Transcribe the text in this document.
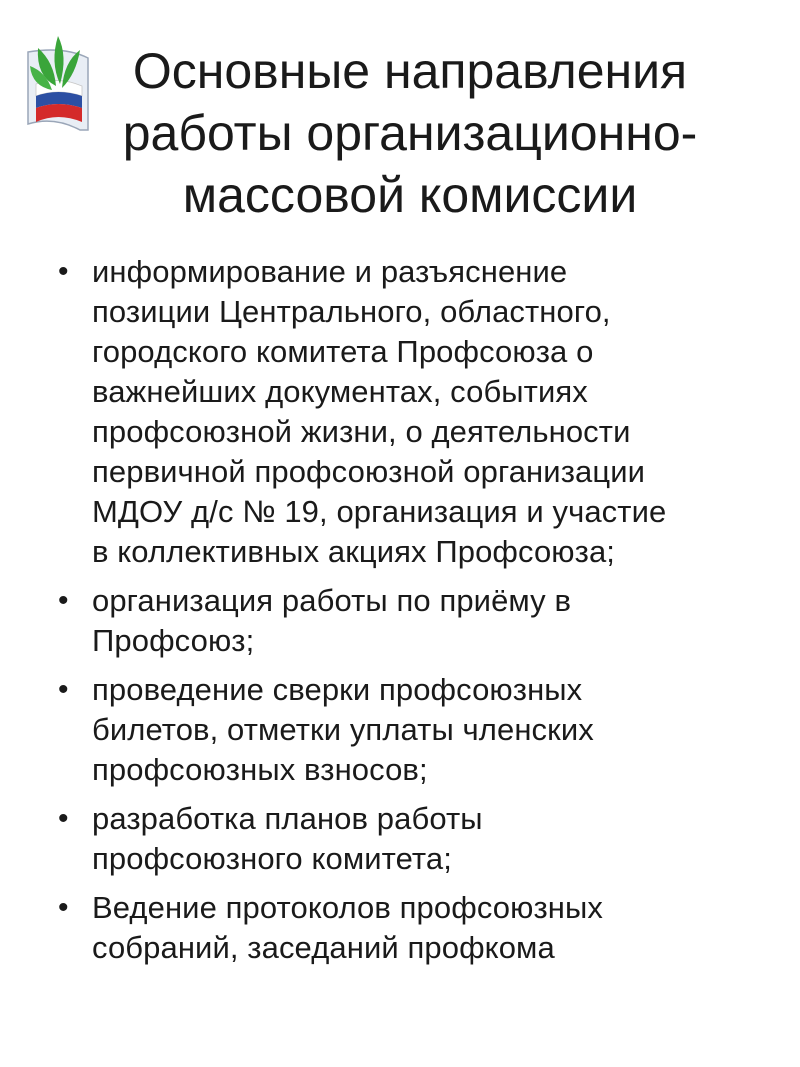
Основные направления
работы организационно-
массовой комиссии
• информирование и разъяснение
позиции Центрального, областного,
городского комитета Профсоюза о
важнейших документах, событиях
профсоюзной жизни, о деятельности
первичной профсоюзной организации
МДОУ д/с № 19, организация и участие
в коллективных акциях Профсоюза;
• организация работы по приёму в
Профсоюз;
• проведение сверки профсоюзных
билетов, отметки уплаты членских
профсоюзных взносов;
• разработка планов работы
профсоюзного комитета;
• Ведение протоколов профсоюзных
собраний, заседаний профкома
